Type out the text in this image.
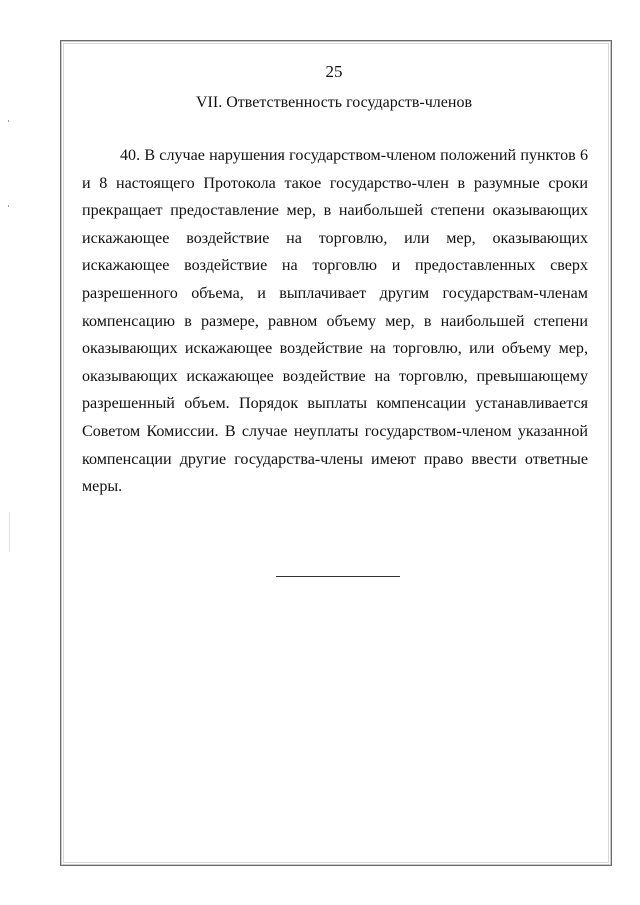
25
VII. Ответственность государств-членов

40. В случае нарушения государством-членом положений пунктов 6 и 8 настоящего Протокола такое государство-член в разумные сроки прекращает предоставление мер, в наибольшей степени оказывающих искажающее воздействие на торговлю, или мер, оказывающих искажающее воздействие на торговлю и предоставленных сверх разрешенного объема, и выплачивает другим государствам-членам компенсацию в размере, равном объему мер, в наибольшей степени оказывающих искажающее воздействие на торговлю, или объему мер, оказывающих искажающее воздействие на торговлю, превышающему разрешенный объем. Порядок выплаты компенсации устанавливается Советом Комиссии. В случае неуплаты государством-членом указанной компенсации другие государства-члены имеют право ввести ответные меры.
